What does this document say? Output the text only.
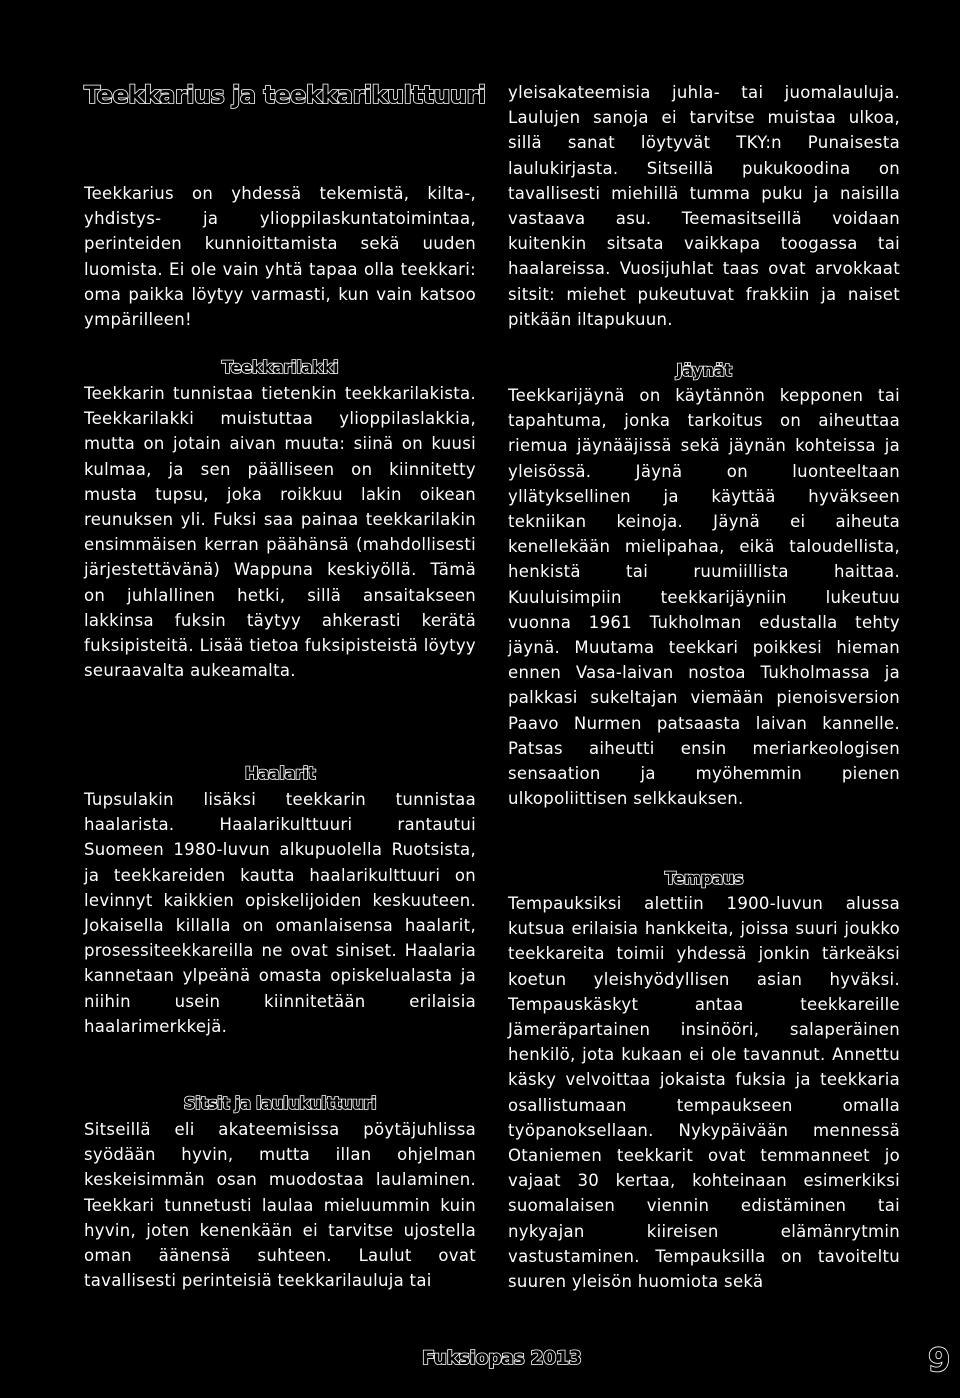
Teekkarius ja teekkarikulttuuri

Teekkarius on yhdessä tekemistä, kilta-, yhdistys- ja ylioppilaskuntatoimintaa, perinteiden kunnioittamista sekä uuden luomista. Ei ole vain yhtä tapaa olla teekkari: oma paikka löytyy varmasti, kun vain katsoo ympärilleen!

Teekkarilakki

Teekkarin tunnistaa tietenkin teekkarilakista. Teekkarilakki muistuttaa ylioppilaslakkia, mutta on jotain aivan muuta: siinä on kuusi kulmaa, ja sen päälliseen on kiinnitetty musta tupsu, joka roikkuu lakin oikean reunuksen yli. Fuksi saa painaa teekkarilakin ensimmäisen kerran päähänsä (mahdollisesti järjestettävänä) Wappuna keskiyöllä. Tämä on juhlallinen hetki, sillä ansaitakseen lakkinsa fuksin täytyy ahkerasti kerätä fuksipisteitä. Lisää tietoa fuksipisteistä löytyy seuraavalta aukeamalta.

Haalarit

Tupsulakin lisäksi teekkarin tunnistaa haalarista. Haalarikulttuuri rantautui Suomeen 1980-luvun alkupuolella Ruotsista, ja teekkareiden kautta haalarikulttuuri on levinnyt kaikkien opiskelijoiden keskuuteen. Jokaisella killalla on omanlaisensa haalarit, prosessiteekkareilla ne ovat siniset. Haalaria kannetaan ylpeänä omasta opiskelualasta ja niihin usein kiinnitetään erilaisia haalarimerkkejä.

Sitsit ja laulukulttuuri

Sitseillä eli akateemisissa pöytäjuhlissa syödään hyvin, mutta illan ohjelman keskeisimmän osan muodostaa laulaminen. Teekkari tunnetusti laulaa mieluummin kuin hyvin, joten kenenkään ei tarvitse ujostella oman äänensä suhteen. Laulut ovat tavallisesti perinteisiä teekkarilauluja tai

yleisakateemisia juhla- tai juomalauluja. Laulujen sanoja ei tarvitse muistaa ulkoa, sillä sanat löytyvät TKY:n Punaisesta laulukirjasta. Sitseillä pukukoodina on tavallisesti miehillä tumma puku ja naisilla vastaava asu. Teemasitseillä voidaan kuitenkin sitsata vaikkapa toogassa tai haalareissa. Vuosijuhlat taas ovat arvokkaat sitsit: miehet pukeutuvat frakkiin ja naiset pitkään iltapukuun.

Jäynät

Teekkarijäynä on käytännön kepponen tai tapahtuma, jonka tarkoitus on aiheuttaa riemua jäynääjissä sekä jäynän kohteissa ja yleisössä. Jäynä on luonteeltaan yllätyksellinen ja käyttää hyväkseen tekniikan keinoja. Jäynä ei aiheuta kenellekään mielipahaa, eikä taloudellista, henkistä tai ruumiillista haittaa. Kuuluisimpiin teekkarijäyniin lukeutuu vuonna 1961 Tukholman edustalla tehty jäynä. Muutama teekkari poikkesi hieman ennen Vasa-laivan nostoa Tukholmassa ja palkkasi sukeltajan viemään pienoisversion Paavo Nurmen patsaasta laivan kannelle. Patsas aiheutti ensin meriarkeologisen sensaation ja myöhemmin pienen ulkopoliittisen selkkauksen.

Tempaus

Tempauksiksi alettiin 1900-luvun alussa kutsua erilaisia hankkeita, joissa suuri joukko teekkareita toimii yhdessä jonkin tärkeäksi koetun yleishyödyllisen asian hyväksi. Tempauskäskyt antaa teekkareille Jämeräpartainen insinööri, salaperäinen henkilö, jota kukaan ei ole tavannut. Annettu käsky velvoittaa jokaista fuksia ja teekkaria osallistumaan tempaukseen omalla työpanoksellaan. Nykypäivään mennessä Otaniemen teekkarit ovat temmanneet jo vajaat 30 kertaa, kohteinaan esimerkiksi suomalaisen viennin edistäminen tai nykyajan kiireisen elämänrytmin vastustaminen. Tempauksilla on tavoiteltu suuren yleisön huomiota sekä

Fuksiopas 2013	9
